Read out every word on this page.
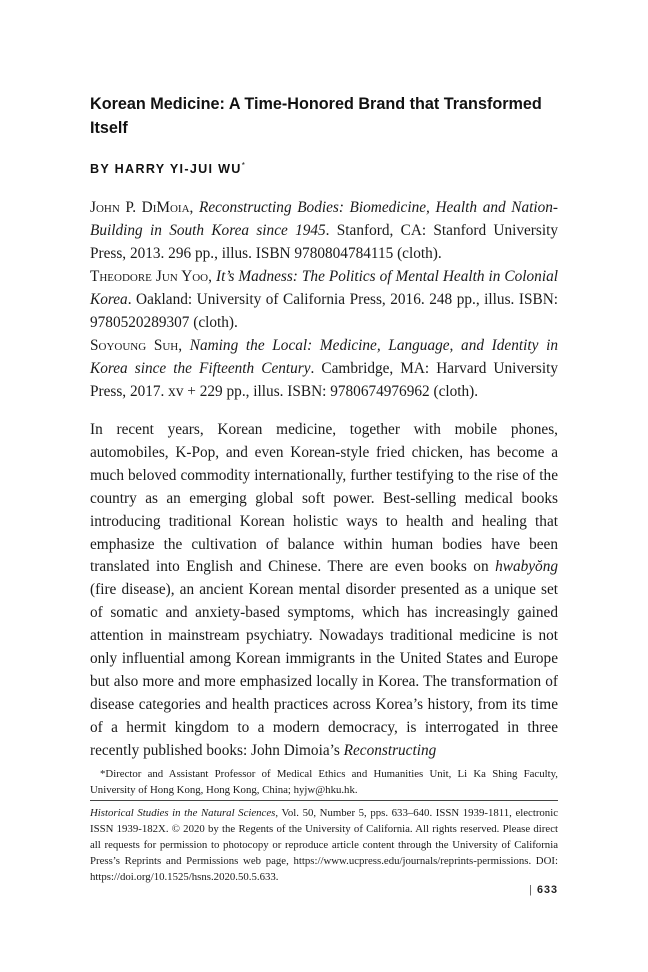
Korean Medicine: A Time-Honored Brand that Transformed Itself
BY HARRY YI-JUI WU*
John P. DiMoia, Reconstructing Bodies: Biomedicine, Health and Nation-Building in South Korea since 1945. Stanford, CA: Stanford University Press, 2013. 296 pp., illus. ISBN 9780804784115 (cloth).
Theodore Jun Yoo, It’s Madness: The Politics of Mental Health in Colonial Korea. Oakland: University of California Press, 2016. 248 pp., illus. ISBN: 9780520289307 (cloth).
Soyoung Suh, Naming the Local: Medicine, Language, and Identity in Korea since the Fifteenth Century. Cambridge, MA: Harvard University Press, 2017. xv + 229 pp., illus. ISBN: 9780674976962 (cloth).
In recent years, Korean medicine, together with mobile phones, automobiles, K-Pop, and even Korean-style fried chicken, has become a much beloved commodity internationally, further testifying to the rise of the country as an emerging global soft power. Best-selling medical books introducing traditional Korean holistic ways to health and healing that emphasize the cultivation of balance within human bodies have been translated into English and Chinese. There are even books on hwabyŏng (fire disease), an ancient Korean mental disorder presented as a unique set of somatic and anxiety-based symptoms, which has increasingly gained attention in mainstream psychiatry. Nowadays traditional medicine is not only influential among Korean immigrants in the United States and Europe but also more and more emphasized locally in Korea. The transformation of disease categories and health practices across Korea’s history, from its time of a hermit kingdom to a modern democracy, is interrogated in three recently published books: John Dimoia’s Reconstructing
*Director and Assistant Professor of Medical Ethics and Humanities Unit, Li Ka Shing Faculty, University of Hong Kong, Hong Kong, China; hyjw@hku.hk.
Historical Studies in the Natural Sciences, Vol. 50, Number 5, pps. 633–640. ISSN 1939-1811, electronic ISSN 1939-182X. © 2020 by the Regents of the University of California. All rights reserved. Please direct all requests for permission to photocopy or reproduce article content through the University of California Press’s Reprints and Permissions web page, https://www.ucpress.edu/journals/reprints-permissions. DOI: https://doi.org/10.1525/hsns.2020.50.5.633.
| 633
